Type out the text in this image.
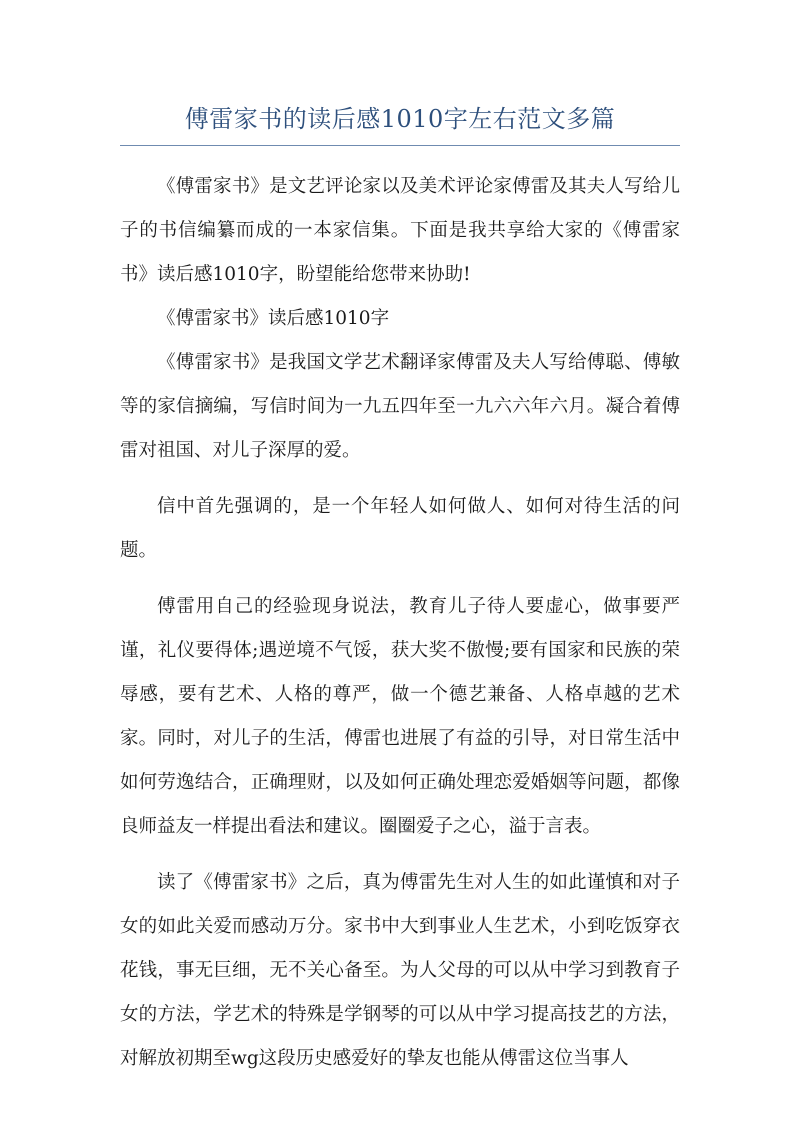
傅雷家书的读后感1010字左右范文多篇

《傅雷家书》是文艺评论家以及美术评论家傅雷及其夫人写给儿子的书信编纂而成的一本家信集。下面是我共享给大家的《傅雷家书》读后感1010字，盼望能给您带来协助!

《傅雷家书》读后感1010字

《傅雷家书》是我国文学艺术翻译家傅雷及夫人写给傅聪、傅敏等的家信摘编，写信时间为一九五四年至一九六六年六月。凝合着傅雷对祖国、对儿子深厚的爱。

信中首先强调的，是一个年轻人如何做人、如何对待生活的问题。

傅雷用自己的经验现身说法，教育儿子待人要虚心，做事要严谨，礼仪要得体;遇逆境不气馁，获大奖不傲慢;要有国家和民族的荣辱感，要有艺术、人格的尊严，做一个德艺兼备、人格卓越的艺术家。同时，对儿子的生活，傅雷也进展了有益的引导，对日常生活中如何劳逸结合，正确理财，以及如何正确处理恋爱婚姻等问题，都像良师益友一样提出看法和建议。圈圈爱子之心，溢于言表。

读了《傅雷家书》之后，真为傅雷先生对人生的如此谨慎和对子女的如此关爱而感动万分。家书中大到事业人生艺术，小到吃饭穿衣花钱，事无巨细，无不关心备至。为人父母的可以从中学习到教育子女的方法，学艺术的特殊是学钢琴的可以从中学习提高技艺的方法，对解放初期至wg这段历史感爱好的挚友也能从傅雷这位当事人
